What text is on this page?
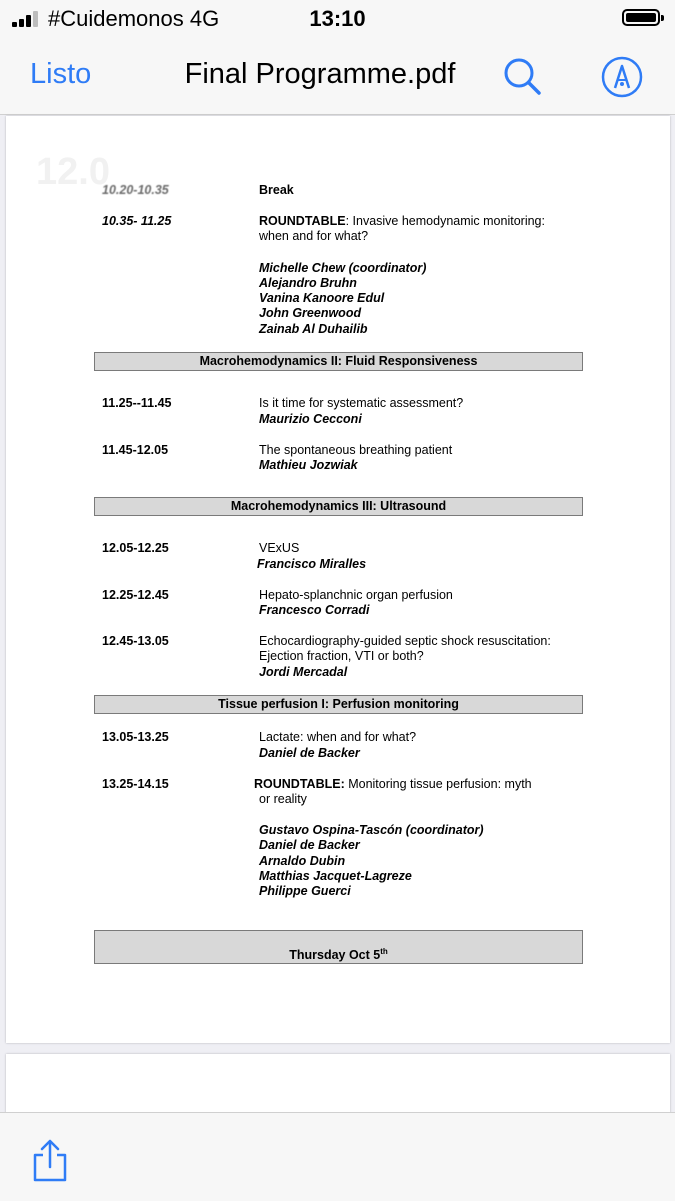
#Cuidemonos 4G	13:10
Listo	Final Programme.pdf
12.0
10.20-10.35	Break
10.35- 11.25	ROUNDTABLE: Invasive hemodynamic monitoring:
when and for what?
Michelle Chew (coordinator)
Alejandro Bruhn
Vanina Kanoore Edul
John Greenwood
Zainab Al Duhailib
Macrohemodynamics II: Fluid Responsiveness
11.25--11.45	Is it time for systematic assessment?
Maurizio Cecconi
11.45-12.05	The spontaneous breathing patient
Mathieu Jozwiak
Macrohemodynamics III: Ultrasound
12.05-12.25	VExUS
Francisco Miralles
12.25-12.45	Hepato-splanchnic organ perfusion
Francesco Corradi
12.45-13.05	Echocardiography-guided septic shock resuscitation:
Ejection fraction, VTI or both?
Jordi Mercadal
Tissue perfusion I: Perfusion monitoring
13.05-13.25	Lactate: when and for what?
Daniel de Backer
13.25-14.15	ROUNDTABLE: Monitoring tissue perfusion: myth
or reality
Gustavo Ospina-Tascón (coordinator)
Daniel de Backer
Arnaldo Dubin
Matthias Jacquet-Lagreze
Philippe Guerci
Thursday Oct 5th
